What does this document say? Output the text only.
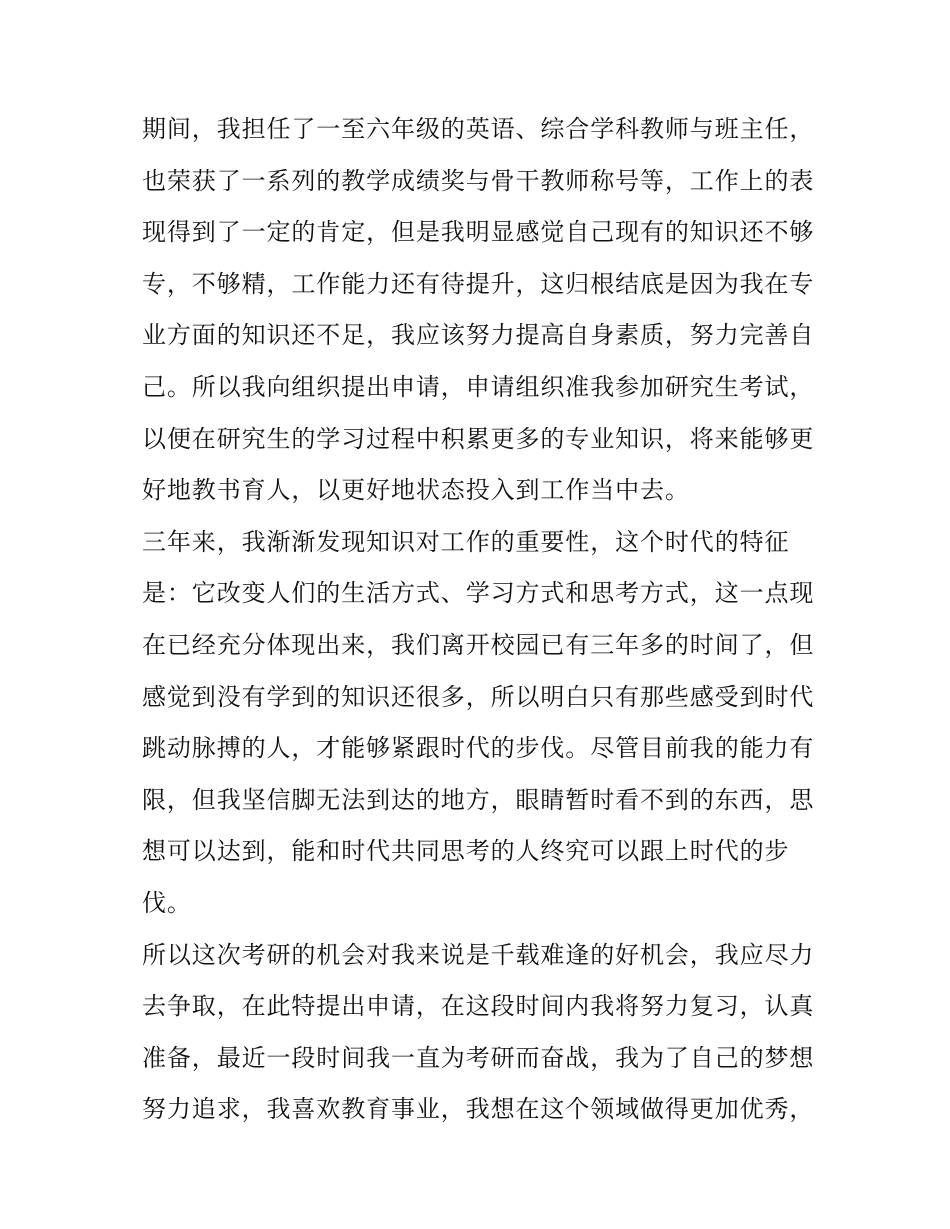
期间，我担任了一至六年级的英语、综合学科教师与班主任，
也荣获了一系列的教学成绩奖与骨干教师称号等，工作上的表
现得到了一定的肯定，但是我明显感觉自己现有的知识还不够
专，不够精，工作能力还有待提升，这归根结底是因为我在专
业方面的知识还不足，我应该努力提高自身素质，努力完善自
己。所以我向组织提出申请，申请组织准我参加研究生考试，
以便在研究生的学习过程中积累更多的专业知识，将来能够更
好地教书育人，以更好地状态投入到工作当中去。
三年来，我渐渐发现知识对工作的重要性，这个时代的特征
是：它改变人们的生活方式、学习方式和思考方式，这一点现
在已经充分体现出来，我们离开校园已有三年多的时间了，但
感觉到没有学到的知识还很多，所以明白只有那些感受到时代
跳动脉搏的人，才能够紧跟时代的步伐。尽管目前我的能力有
限，但我坚信脚无法到达的地方，眼睛暂时看不到的东西，思
想可以达到，能和时代共同思考的人终究可以跟上时代的步
伐。
所以这次考研的机会对我来说是千载难逢的好机会，我应尽力
去争取，在此特提出申请，在这段时间内我将努力复习，认真
准备，最近一段时间我一直为考研而奋战，我为了自己的梦想
努力追求，我喜欢教育事业，我想在这个领域做得更加优秀，
